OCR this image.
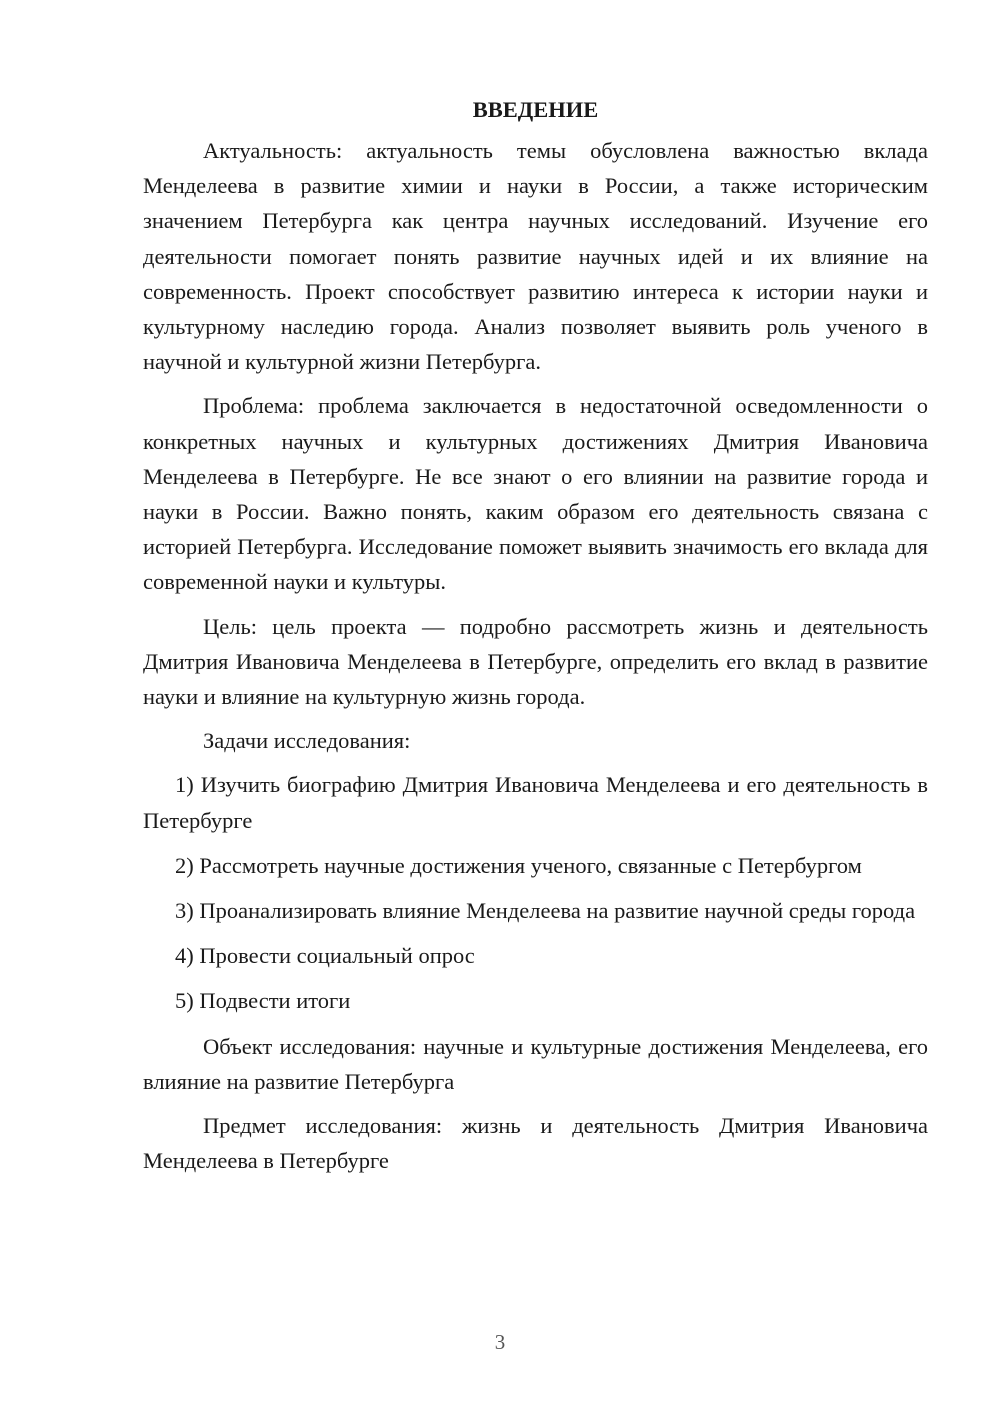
ВВЕДЕНИЕ

Актуальность: актуальность темы обусловлена важностью вклада Менделеева в развитие химии и науки в России, а также историческим значением Петербурга как центра научных исследований. Изучение его деятельности помогает понять развитие научных идей и их влияние на современность. Проект способствует развитию интереса к истории науки и культурному наследию города. Анализ позволяет выявить роль ученого в научной и культурной жизни Петербурга.

Проблема: проблема заключается в недостаточной осведомленности о конкретных научных и культурных достижениях Дмитрия Ивановича Менделеева в Петербурге. Не все знают о его влиянии на развитие города и науки в России. Важно понять, каким образом его деятельность связана с историей Петербурга. Исследование поможет выявить значимость его вклада для современной науки и культуры.

Цель: цель проекта — подробно рассмотреть жизнь и деятельность Дмитрия Ивановича Менделеева в Петербурге, определить его вклад в развитие науки и влияние на культурную жизнь города.

Задачи исследования:

1) Изучить биографию Дмитрия Ивановича Менделеева и его деятельность в Петербурге

2) Рассмотреть научные достижения ученого, связанные с Петербургом

3) Проанализировать влияние Менделеева на развитие научной среды города

4) Провести социальный опрос

5) Подвести итоги

Объект исследования: научные и культурные достижения Менделеева, его влияние на развитие Петербурга

Предмет исследования: жизнь и деятельность Дмитрия Ивановича Менделеева в Петербурге

3
